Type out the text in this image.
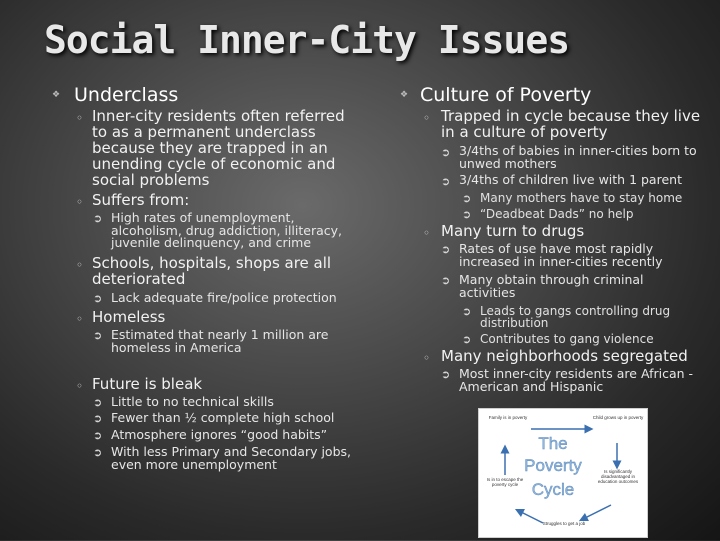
Social Inner-City Issues
❖ Underclass
◦ Inner-city residents often referred to as a permanent underclass because they are trapped in an unending cycle of economic and social problems
◦ Suffers from:
➲ High rates of unemployment, alcoholism, drug addiction, illiteracy, juvenile delinquency, and crime
◦ Schools, hospitals, shops are all deteriorated
➲ Lack adequate fire/police protection
◦ Homeless
➲ Estimated that nearly 1 million are homeless in America
◦ Future is bleak
➲ Little to no technical skills
➲ Fewer than ½ complete high school
➲ Atmosphere ignores “good habits”
➲ With less Primary and Secondary jobs, even more unemployment
❖ Culture of Poverty
◦ Trapped in cycle because they live in a culture of poverty
➲ 3/4ths of babies in inner-cities born to unwed mothers
➲ 3/4ths of children live with 1 parent
➲ Many mothers have to stay home
➲ “Deadbeat Dads” no help
◦ Many turn to drugs
➲ Rates of use have most rapidly increased in inner-cities recently
➲ Many obtain through criminal activities
➲ Leads to gangs controlling drug distribution
➲ Contributes to gang violence
◦ Many neighborhoods segregated
➲ Most inner-city residents are African -American and Hispanic
The
Poverty
Cycle
Family is in poverty	Child grows up in poverty
Is significantly disadvantaged in education outcomes
Struggles to get a job
Is in to escape the poverty cycle
